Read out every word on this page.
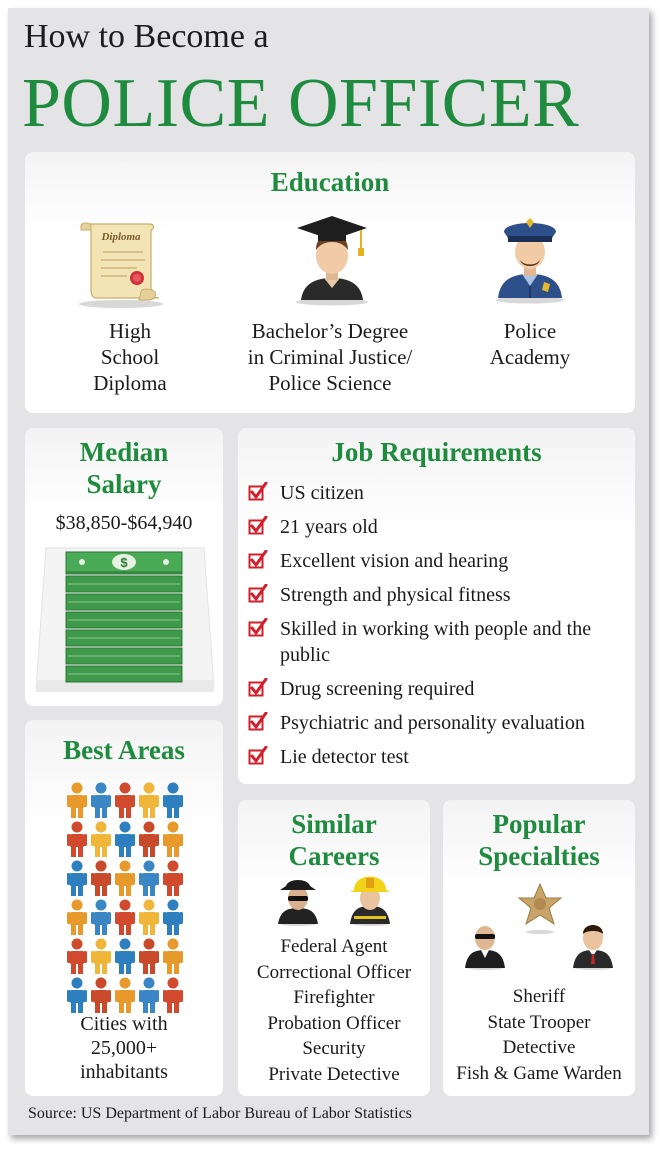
How to Become a
POLICE OFFICER
Education
Diploma
High
School
Diploma
Bachelor’s Degree
in Criminal Justice/
Police Science
Police
Academy
Median
Salary
$38,850-$64,940
$
Job Requirements
US citizen
21 years old
Excellent vision and hearing
Strength and physical fitness
Skilled in working with people and the public
Drug screening required
Psychiatric and personality evaluation
Lie detector test
Best Areas
Cities with
25,000+
inhabitants
Similar
Careers
Federal Agent
Correctional Officer
Firefighter
Probation Officer
Security
Private Detective
Popular
Specialties
Sheriff
State Trooper
Detective
Fish & Game Warden
Source: US Department of Labor Bureau of Labor Statistics
